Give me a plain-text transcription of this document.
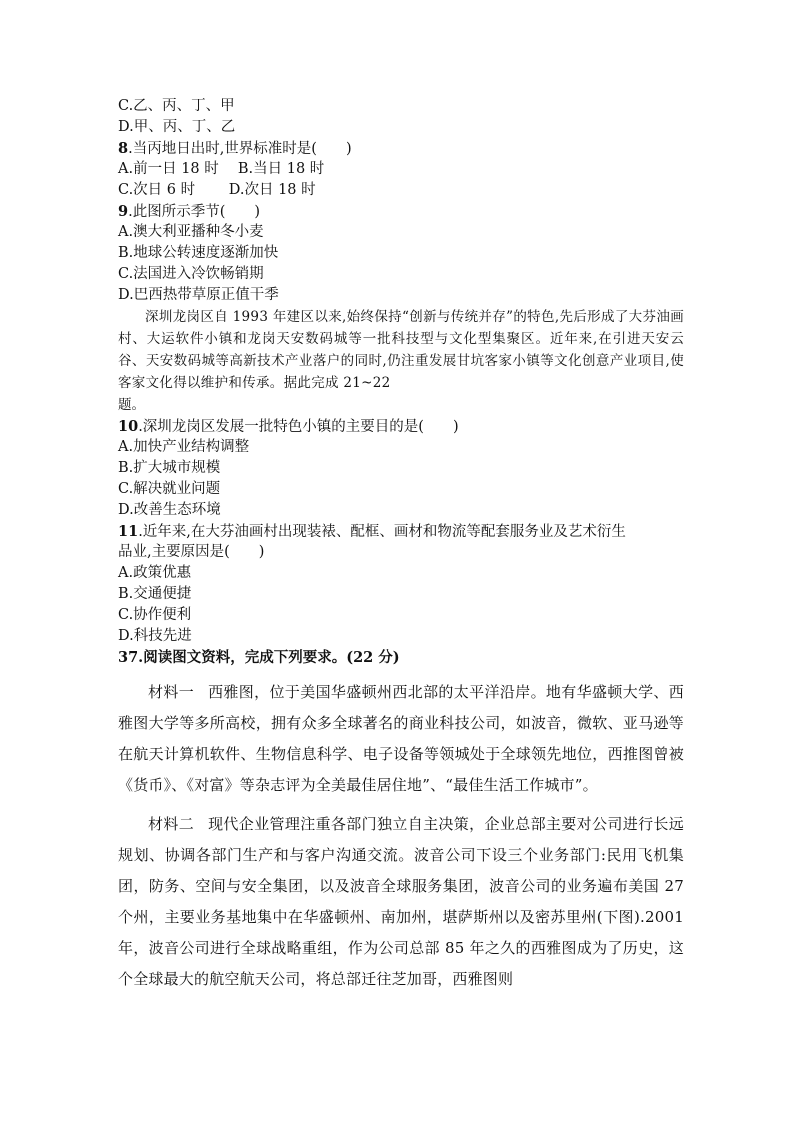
C.乙、丙、丁、甲
D.甲、丙、丁、乙
8.当丙地日出时,世界标准时是(　　)
A.前一日 18 时　 B.当日 18 时
C.次日 6 时　　 D.次日 18 时
9.此图所示季节(　　)
A.澳大利亚播种冬小麦
B.地球公转速度逐渐加快
C.法国进入冷饮畅销期
D.巴西热带草原正值干季

深圳龙岗区自 1993 年建区以来,始终保持“创新与传统并存”的特色,先后形成了大芬油画村、大运软件小镇和龙岗天安数码城等一批科技型与文化型集聚区。近年来,在引进天安云谷、天安数码城等高新技术产业落户的同时,仍注重发展甘坑客家小镇等文化创意产业项目,使客家文化得以维护和传承。据此完成 21~22

题。
10.深圳龙岗区发展一批特色小镇的主要目的是(　　)
A.加快产业结构调整
B.扩大城市规模
C.解决就业问题
D.改善生态环境
11.近年来,在大芬油画村出现装裱、配框、画材和物流等配套服务业及艺术衍生
品业,主要原因是(　　)
A.政策优惠
B.交通便捷
C.协作便利
D.科技先进
37.阅读图文资料，完成下列要求。(22 分)

材料一 西雅图，位于美国华盛顿州西北部的太平洋沿岸。地有华盛顿大学、西雅图大学等多所高校，拥有众多全球著名的商业科技公司，如波音，微软、亚马逊等 在航天计算机软件、生物信息科学、电子设备等领城处于全球领先地位，西推图曾被《货币》、《对富》等杂志评为全美最佳居住地”、“最佳生活工作城市”。

材料二 现代企业管理注重各部门独立自主决策，企业总部主要对公司进行长远规划、协调各部门生产和与客户沟通交流。波音公司下设三个业务部门:民用飞机集团，防务、空间与安全集团，以及波音全球服务集团，波音公司的业务遍布美国 27 个州，主要业务基地集中在华盛顿州、南加州，堪萨斯州以及密苏里州(下图).2001 年，波音公司进行全球战略重组，作为公司总部 85 年之久的西雅图成为了历史，这个全球最大的航空航天公司，将总部迁往芝加哥，西雅图则
